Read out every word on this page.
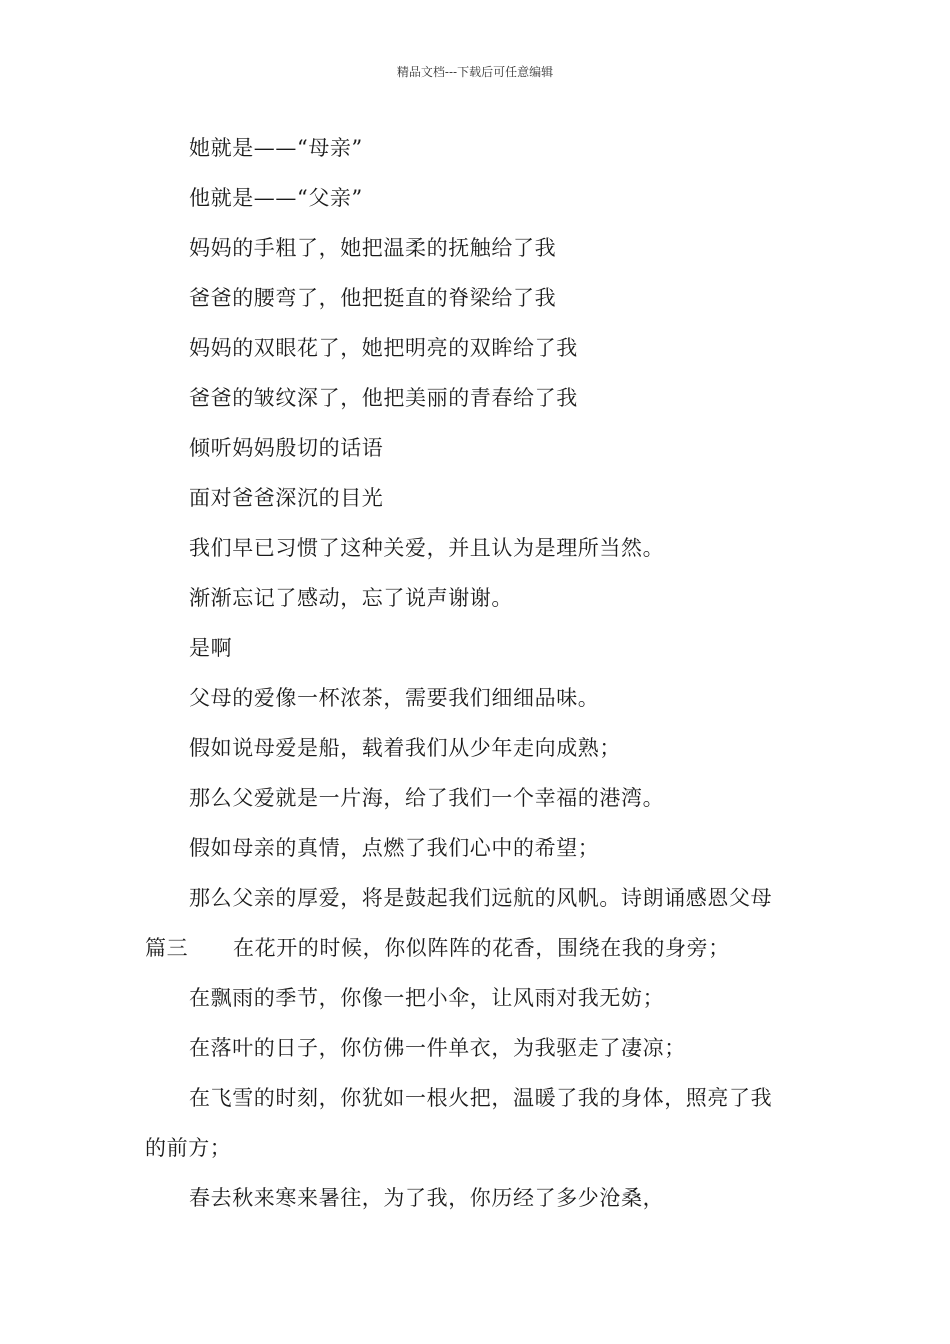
精品文档---下载后可任意编辑
她就是——“母亲”
他就是——“父亲”
妈妈的手粗了，她把温柔的抚触给了我
爸爸的腰弯了，他把挺直的脊梁给了我
妈妈的双眼花了，她把明亮的双眸给了我
爸爸的皱纹深了，他把美丽的青春给了我
倾听妈妈殷切的话语
面对爸爸深沉的目光
我们早已习惯了这种关爱，并且认为是理所当然。
渐渐忘记了感动，忘了说声谢谢。
是啊
父母的爱像一杯浓茶，需要我们细细品味。
假如说母爱是船，载着我们从少年走向成熟；
那么父爱就是一片海，给了我们一个幸福的港湾。
假如母亲的真情，点燃了我们心中的希望；
那么父亲的厚爱，将是鼓起我们远航的风帆。诗朗诵感恩父母
篇三 在花开的时候，你似阵阵的花香，围绕在我的身旁；
在飘雨的季节，你像一把小伞，让风雨对我无妨；
在落叶的日子，你仿佛一件单衣，为我驱走了凄凉；
在飞雪的时刻，你犹如一根火把，温暖了我的身体，照亮了我
的前方；
春去秋来寒来暑往，为了我，你历经了多少沧桑，
